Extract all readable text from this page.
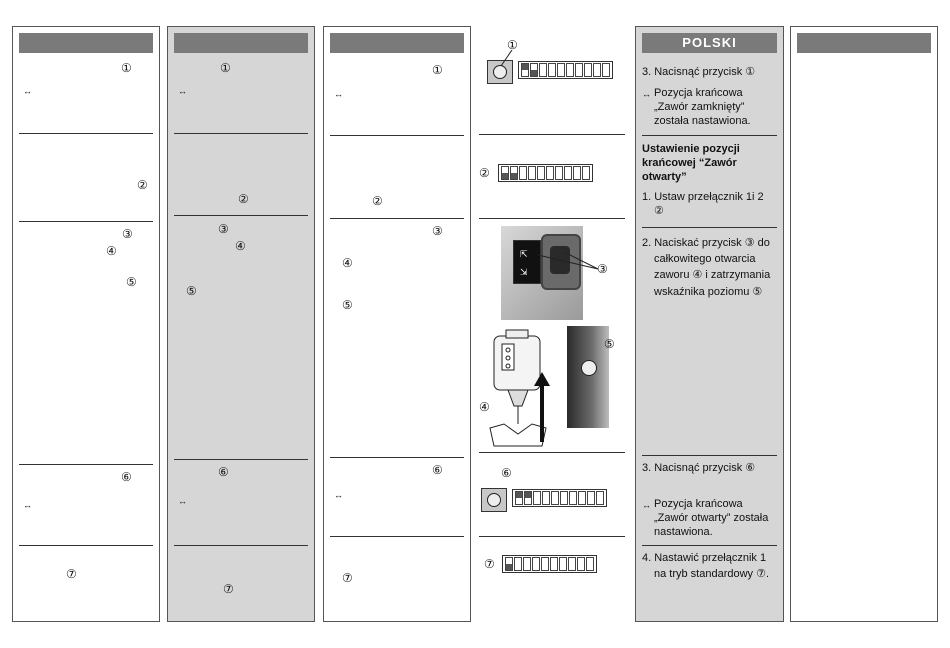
①
↔
②
③
④
⑤
⑥
↔
⑦
①
↔
②
③
④
⑤
⑥
↔
⑦
①
↔
②
③
④
⑤
⑥
↔
⑦
①
②
⇱
⇲	③
④
⑤
⑥
⑦
POLSKI
3. Nacisnąć przycisk ①
↔ Pozycja krańcowa
„Zawór zamknięty”
została nastawiona.
Ustawienie pozycji
krańcowej “Zawór
otwarty”
1. Ustaw przełącznik 1i 2
②
2. Naciskać przycisk ③ do
całkowitego otwarcia
zaworu ④ i zatrzymania
wskaźnika poziomu ⑤
3. Nacisnąć przycisk ⑥
↔ Pozycja krańcowa
„Zawór otwarty” została
nastawiona.
4. Nastawić przełącznik 1
na tryb standardowy ⑦.
